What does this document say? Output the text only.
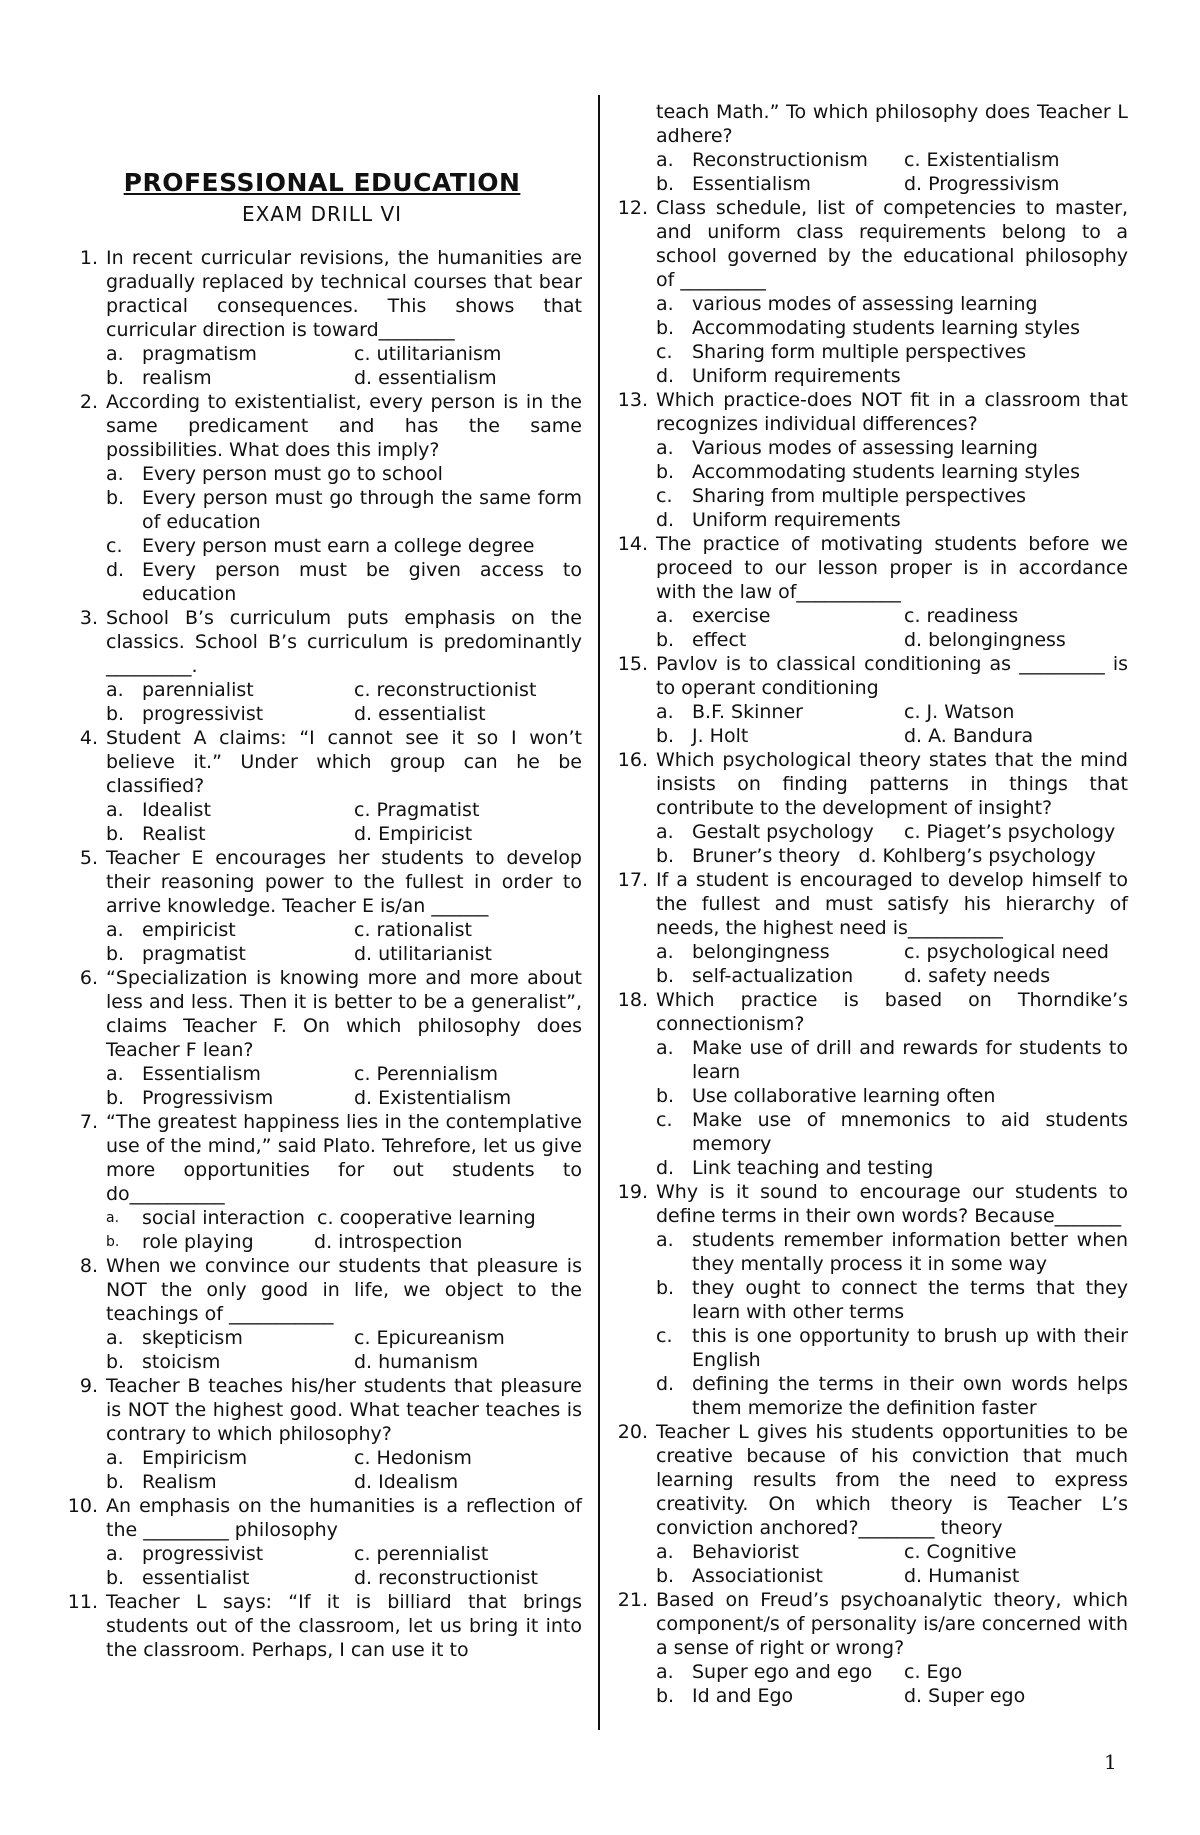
PROFESSIONAL EDUCATION
EXAM DRILL VI
1. In recent curricular revisions, the humanities are gradually replaced by technical courses that bear practical consequences. This shows that curricular direction is toward________
a. pragmatism	c. utilitarianism
b. realism	d. essentialism
2. According to existentialist, every person is in the same predicament and has the same possibilities. What does this imply?
a. Every person must go to school
b. Every person must go through the same form of education
c.	Every person must earn a college degree
d. Every person must be given access to education
3. School B’s curriculum puts emphasis on the classics. School B’s curriculum is predominantly _________.
a. parennialist	c. reconstructionist
b. progressivist	d. essentialist
4. Student A claims: “I cannot see it so I won’t believe it.” Under which group can he be classified?
a. Idealist	c. Pragmatist
b. Realist	d. Empiricist
5. Teacher E encourages her students to develop their reasoning power to the fullest in order to arrive knowledge. Teacher E is/an ______
a. empiricist	c. rationalist
b. pragmatist	d. utilitarianist
6. “Specialization is knowing more and more about less and less. Then it is better to be a generalist”, claims Teacher F. On which philosophy does Teacher F lean?
a. Essentialism	c. Perennialism
b. Progressivism	d. Existentialism
7. “The greatest happiness lies in the contemplative use of the mind,” said Plato. Tehrefore, let us give more opportunities for out students to do__________
a.	social interaction  c. cooperative learning
b.	role playing          d. introspection
8. When we convince our students that pleasure is NOT the only good in life, we object to the teachings of ___________
a. skepticism	c. Epicureanism
b. stoicism	d. humanism
9. Teacher B teaches his/her students that pleasure is NOT the highest good. What teacher teaches is contrary to which philosophy?
a. Empiricism	c. Hedonism
b. Realism	d. Idealism
10. An emphasis on the humanities is a reflection of the _________ philosophy
a. progressivist	c. perennialist
b. essentialist	d. reconstructionist
11. Teacher L says: “If it is billiard that brings students out of the classroom, let us bring it into the classroom. Perhaps, I can use it to
teach Math.” To which philosophy does Teacher L adhere?
a. Reconstructionism	c. Existentialism
b. Essentialism	d. Progressivism
12. Class schedule, list of competencies to master, and uniform class requirements belong to a school governed by the educational philosophy of _________
a. various modes of assessing learning
b. Accommodating students learning styles
c.	Sharing form multiple perspectives
d. Uniform requirements
13. Which practice-does NOT fit in a classroom that recognizes individual differences?
a. Various modes of assessing learning
b. Accommodating students learning styles
c.	Sharing from multiple perspectives
d. Uniform requirements
14. The practice of motivating students before we proceed to our lesson proper is in accordance with the law of___________
a. exercise	c. readiness
b. effect	d. belongingness
15. Pavlov is to classical conditioning as _________ is to operant conditioning
a. B.F. Skinner	c. J. Watson
b. J. Holt	d. A. Bandura
16. Which psychological theory states that the mind insists on finding patterns in things that contribute to the development of insight?
a. Gestalt psychology	c. Piaget’s psychology
b. Bruner’s theory   d. Kohlberg’s psychology
17. If a student is encouraged to develop himself to the fullest and must satisfy his hierarchy of needs, the highest need is__________
a. belongingness	c. psychological need
b. self-actualization	d. safety needs
18. Which practice is based on Thorndike’s connectionism?
a. Make use of drill and rewards for students to learn
b. Use collaborative learning often
c.	Make use of mnemonics to aid students memory
d. Link teaching and testing
19. Why is it sound to encourage our students to define terms in their own words? Because_______
a. students remember information better when they mentally process it in some way
b. they ought to connect the terms that they learn with other terms
c.	this is one opportunity to brush up with their English
d. defining the terms in their own words helps them memorize the definition faster
20. Teacher L gives his students opportunities to be creative because of his conviction that much learning results from the need to express creativity. On which theory is Teacher L’s conviction anchored?________ theory
a. Behaviorist	c. Cognitive
b. Associationist	d. Humanist
21. Based on Freud’s psychoanalytic theory, which component/s of personality is/are concerned with a sense of right or wrong?
a. Super ego and ego	c. Ego
b. Id and Ego	d. Super ego
1
